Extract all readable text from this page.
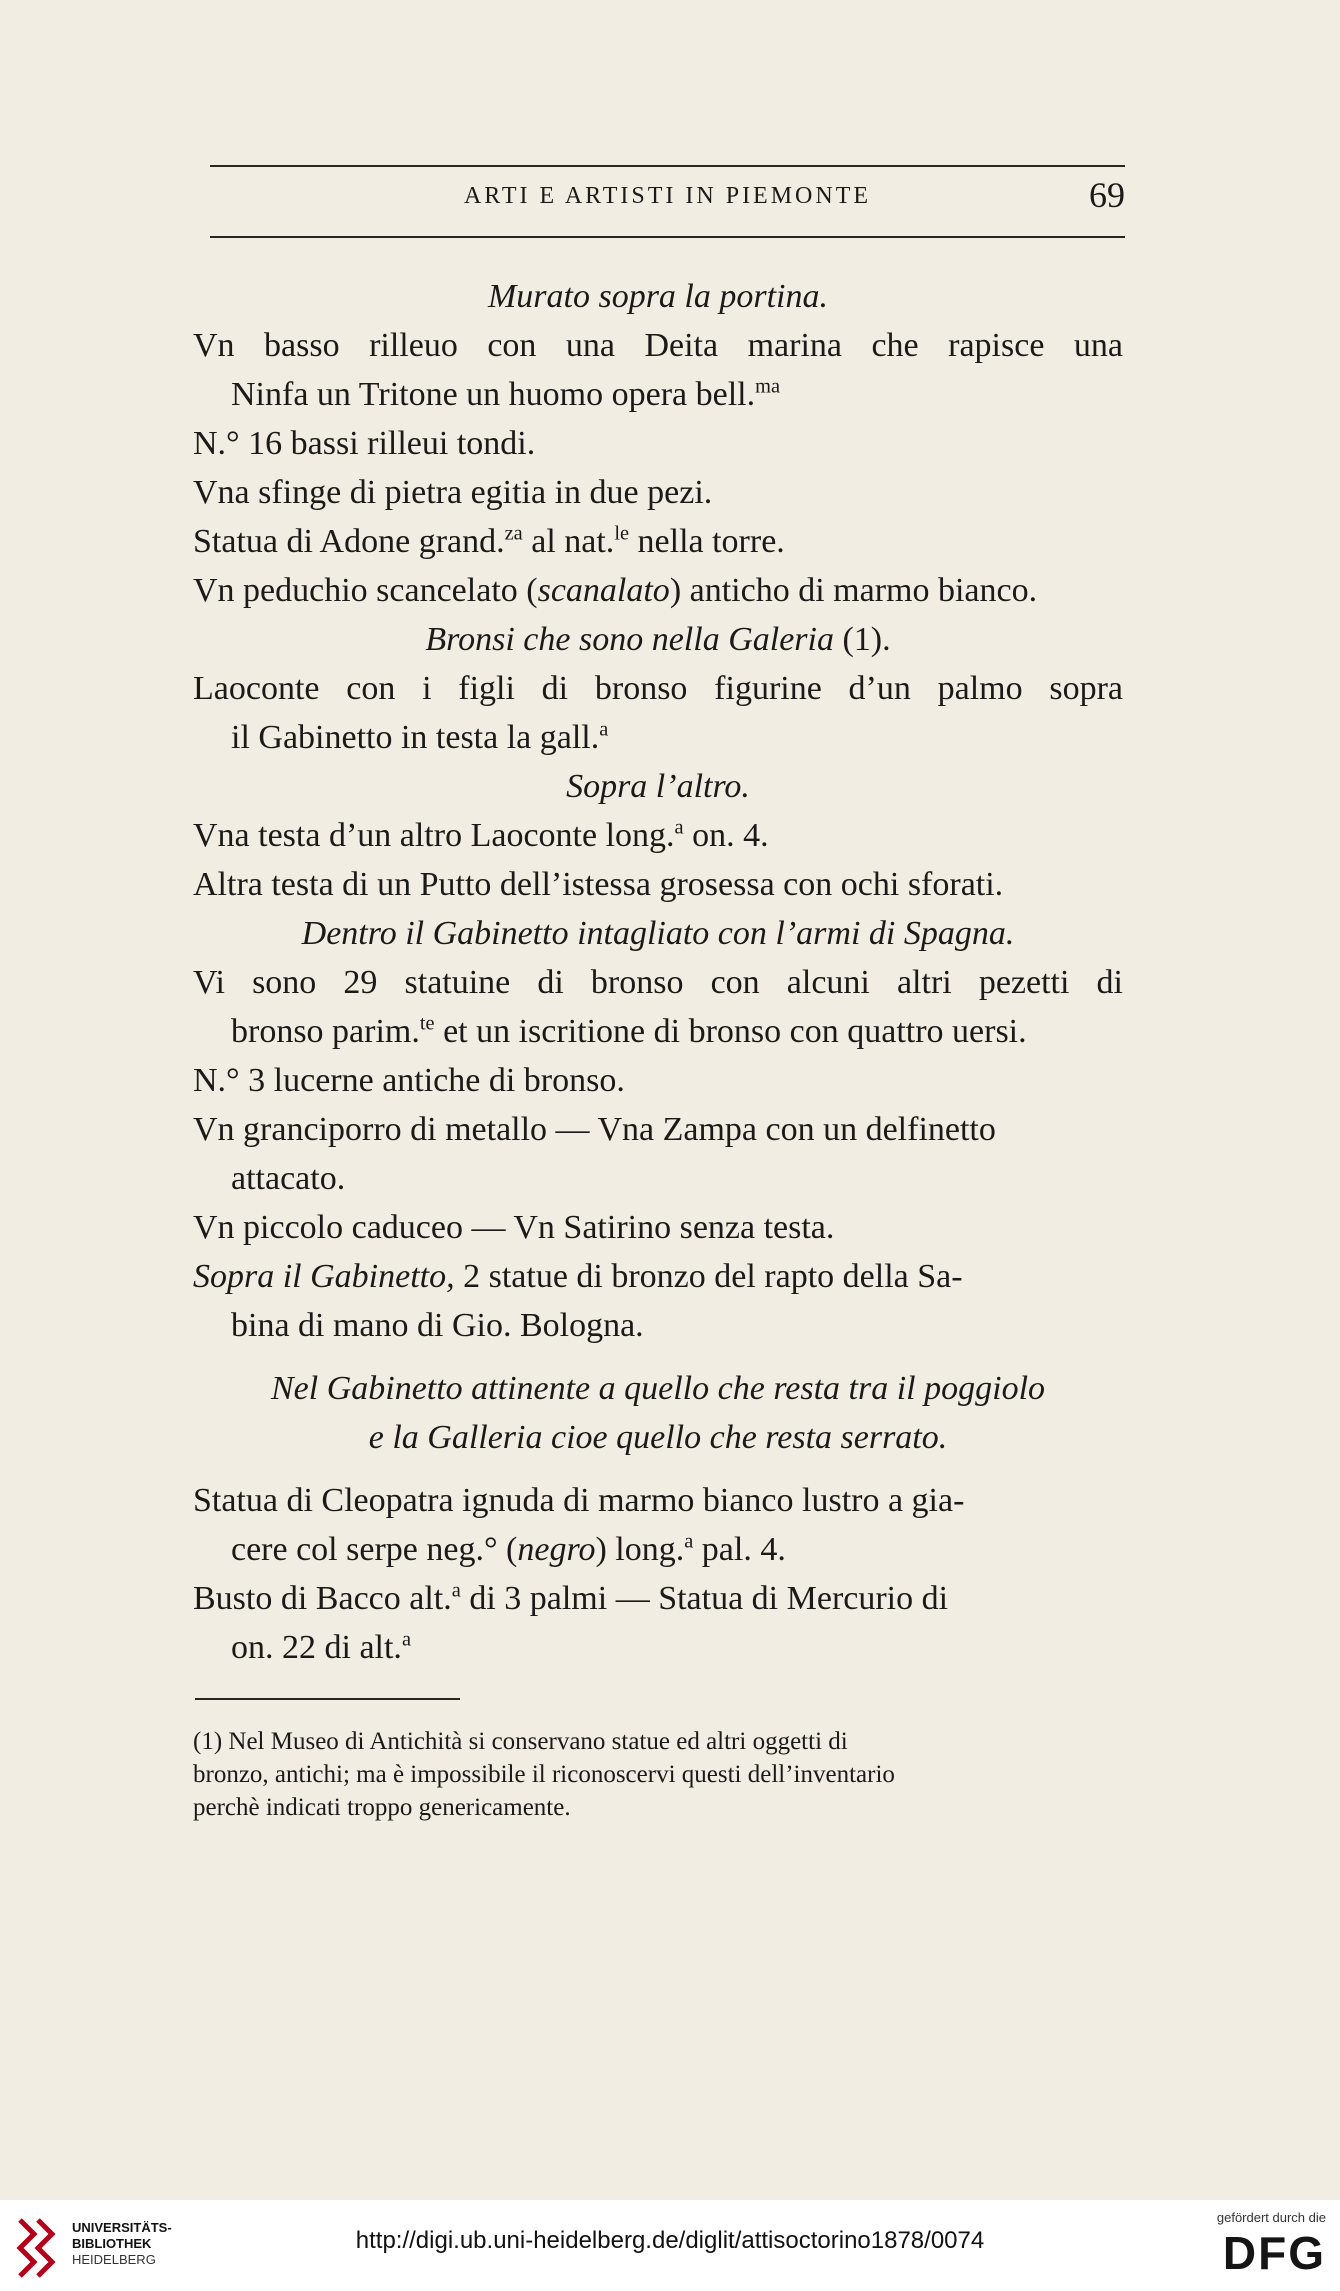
ARTI E ARTISTI IN PIEMONTE	69
Murato sopra la portina.
Vn basso rilleuo con una Deita marina che rapisce una
Ninfa un Tritone un huomo opera bell.$^{ma}$
N.° 16 bassi rilleui tondi.
Vna sfinge di pietra egitia in due pezi.
Statua di Adone grand.$^{za}$ al nat.$^{le}$ nella torre.
Vn peduchio scancelato (scanalato) anticho di marmo bianco.
Bronsi che sono nella Galeria (1).
Laoconte con i figli di bronso figurine d’un palmo sopra
il Gabinetto in testa la gall.$^a$
Sopra l’altro.
Vna testa d’un altro Laoconte long.$^a$ on. 4.
Altra testa di un Putto dell’istessa grosessa con ochi sforati.
Dentro il Gabinetto intagliato con l’armi di Spagna.
Vi sono 29 statuine di bronso con alcuni altri pezetti di
bronso parim.$^{te}$ et un iscritione di bronso con quattro uersi.
N.° 3 lucerne antiche di bronso.
Vn granciporro di metallo — Vna Zampa con un delfinetto
attacato.
Vn piccolo caduceo — Vn Satirino senza testa.
Sopra il Gabinetto, 2 statue di bronzo del rapto della Sa-
bina di mano di Gio. Bologna.
Nel Gabinetto attinente a quello che resta tra il poggiolo
e la Galleria cioe quello che resta serrato.
Statua di Cleopatra ignuda di marmo bianco lustro a gia-
cere col serpe neg.° (negro) long.$^a$ pal. 4.
Busto di Bacco alt.$^a$ di 3 palmi — Statua di Mercurio di
on. 22 di alt.$^a$
(1) Nel Museo di Antichità si conservano statue ed altri oggetti di
bronzo, antichi; ma è impossibile il riconoscervi questi dell’inventario
perchè indicati troppo genericamente.
UNIVERSITÄTS-
BIBLIOTHEK
HEIDELBERG
http://digi.ub.uni-heidelberg.de/diglit/attisoctorino1878/0074
gefördert durch die
DFG
